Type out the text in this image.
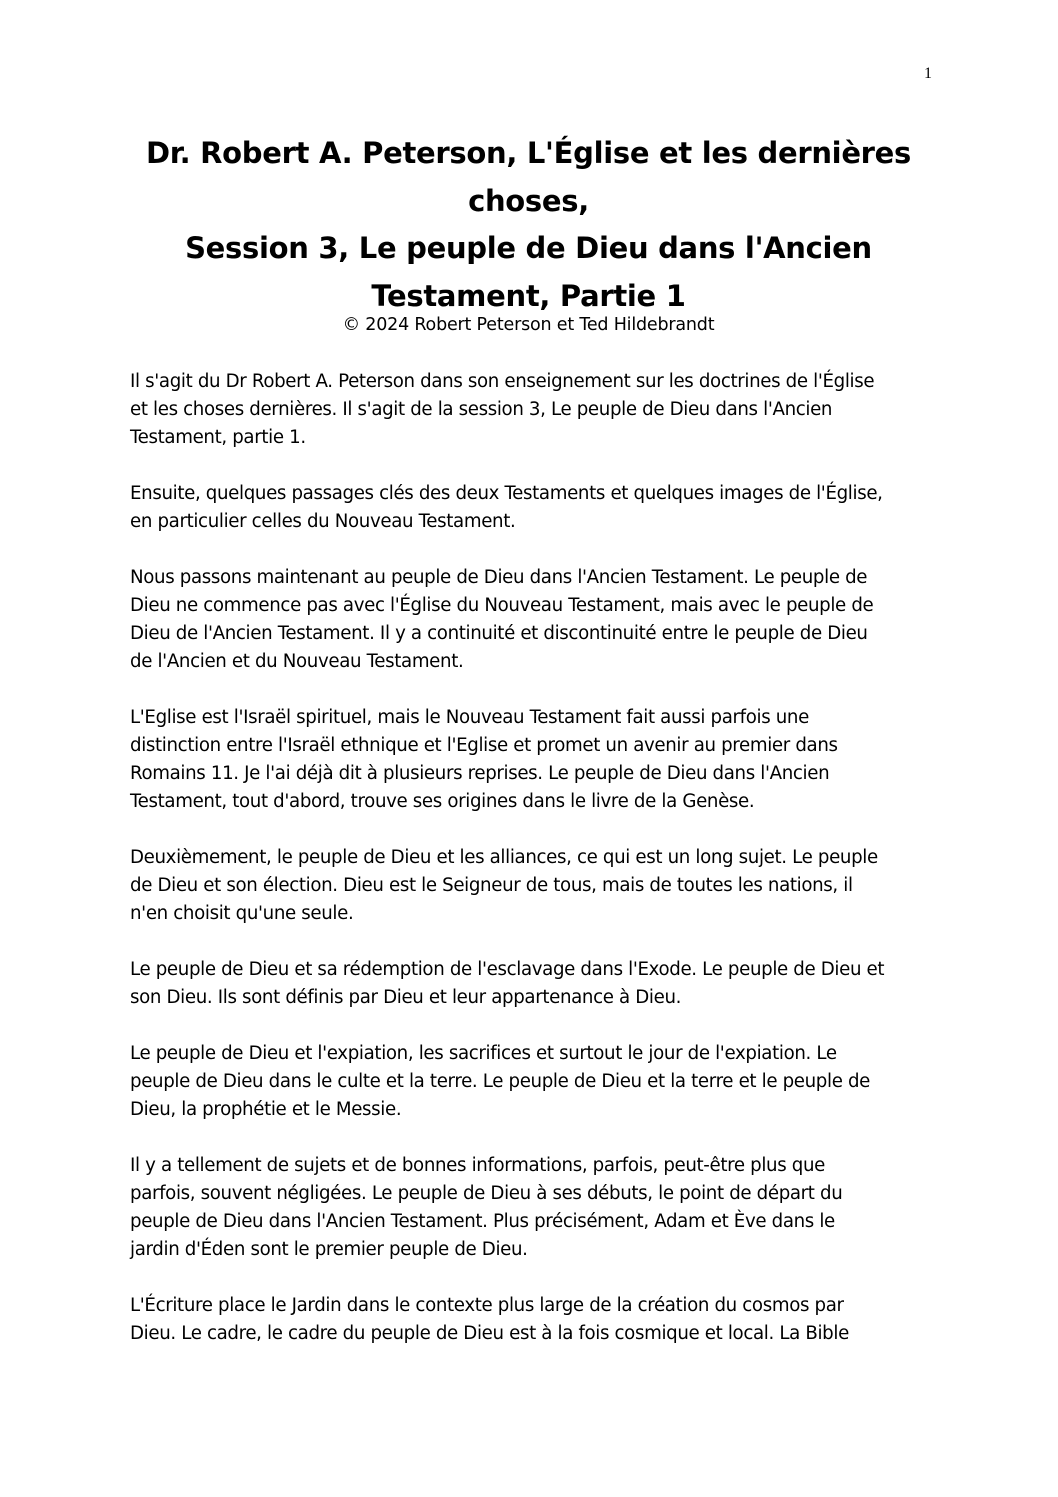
1
Dr. Robert A. Peterson, L'Église et les dernières
choses,
Session 3, Le peuple de Dieu dans l'Ancien
Testament, Partie 1
© 2024 Robert Peterson et Ted Hildebrandt
Il s'agit du Dr Robert A. Peterson dans son enseignement sur les doctrines de l'Église
et les choses dernières. Il s'agit de la session 3, Le peuple de Dieu dans l'Ancien
Testament, partie 1.
Ensuite, quelques passages clés des deux Testaments et quelques images de l'Église,
en particulier celles du Nouveau Testament.
Nous passons maintenant au peuple de Dieu dans l'Ancien Testament. Le peuple de
Dieu ne commence pas avec l'Église du Nouveau Testament, mais avec le peuple de
Dieu de l'Ancien Testament. Il y a continuité et discontinuité entre le peuple de Dieu
de l'Ancien et du Nouveau Testament.
L'Eglise est l'Israël spirituel, mais le Nouveau Testament fait aussi parfois une
distinction entre l'Israël ethnique et l'Eglise et promet un avenir au premier dans
Romains 11. Je l'ai déjà dit à plusieurs reprises. Le peuple de Dieu dans l'Ancien
Testament, tout d'abord, trouve ses origines dans le livre de la Genèse.
Deuxièmement, le peuple de Dieu et les alliances, ce qui est un long sujet. Le peuple
de Dieu et son élection. Dieu est le Seigneur de tous, mais de toutes les nations, il
n'en choisit qu'une seule.
Le peuple de Dieu et sa rédemption de l'esclavage dans l'Exode. Le peuple de Dieu et
son Dieu. Ils sont définis par Dieu et leur appartenance à Dieu.
Le peuple de Dieu et l'expiation, les sacrifices et surtout le jour de l'expiation. Le
peuple de Dieu dans le culte et la terre. Le peuple de Dieu et la terre et le peuple de
Dieu, la prophétie et le Messie.
Il y a tellement de sujets et de bonnes informations, parfois, peut-être plus que
parfois, souvent négligées. Le peuple de Dieu à ses débuts, le point de départ du
peuple de Dieu dans l'Ancien Testament. Plus précisément, Adam et Ève dans le
jardin d'Éden sont le premier peuple de Dieu.
L'Écriture place le Jardin dans le contexte plus large de la création du cosmos par
Dieu. Le cadre, le cadre du peuple de Dieu est à la fois cosmique et local. La Bible
